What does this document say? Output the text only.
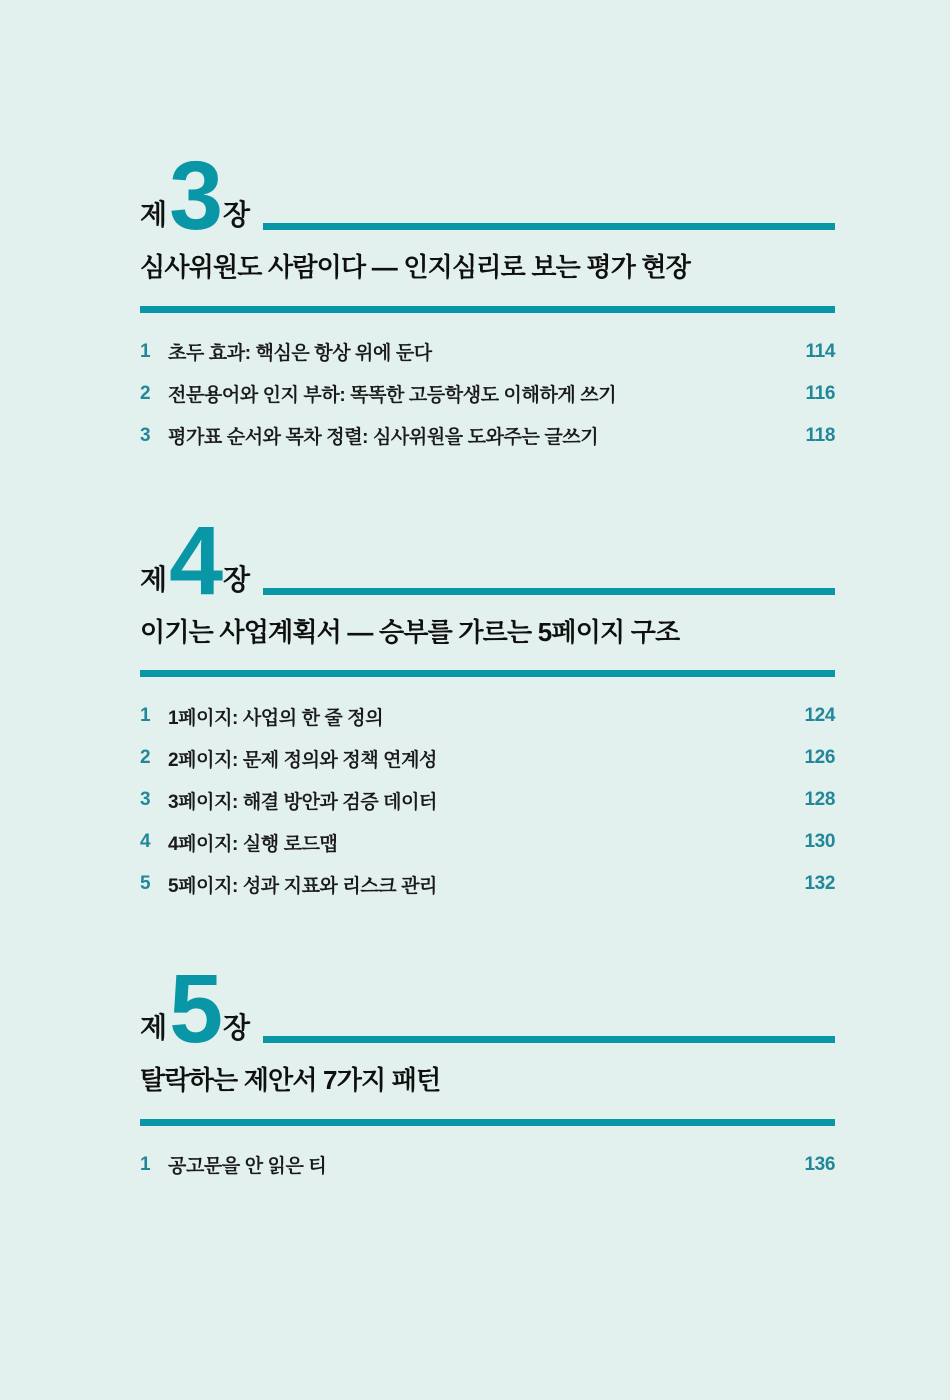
제 3 장
심사위원도 사람이다 — 인지심리로 보는 평가 현장
1 초두 효과: 핵심은 항상 위에 둔다	114
2 전문용어와 인지 부하: 똑똑한 고등학생도 이해하게 쓰기	116
3 평가표 순서와 목차 정렬: 심사위원을 도와주는 글쓰기	118
제 4 장
이기는 사업계획서 — 승부를 가르는 5페이지 구조
1 1페이지: 사업의 한 줄 정의	124
2 2페이지: 문제 정의와 정책 연계성	126
3 3페이지: 해결 방안과 검증 데이터	128
4 4페이지: 실행 로드맵	130
5 5페이지: 성과 지표와 리스크 관리	132
제 5 장
탈락하는 제안서 7가지 패턴
1 공고문을 안 읽은 티	136
